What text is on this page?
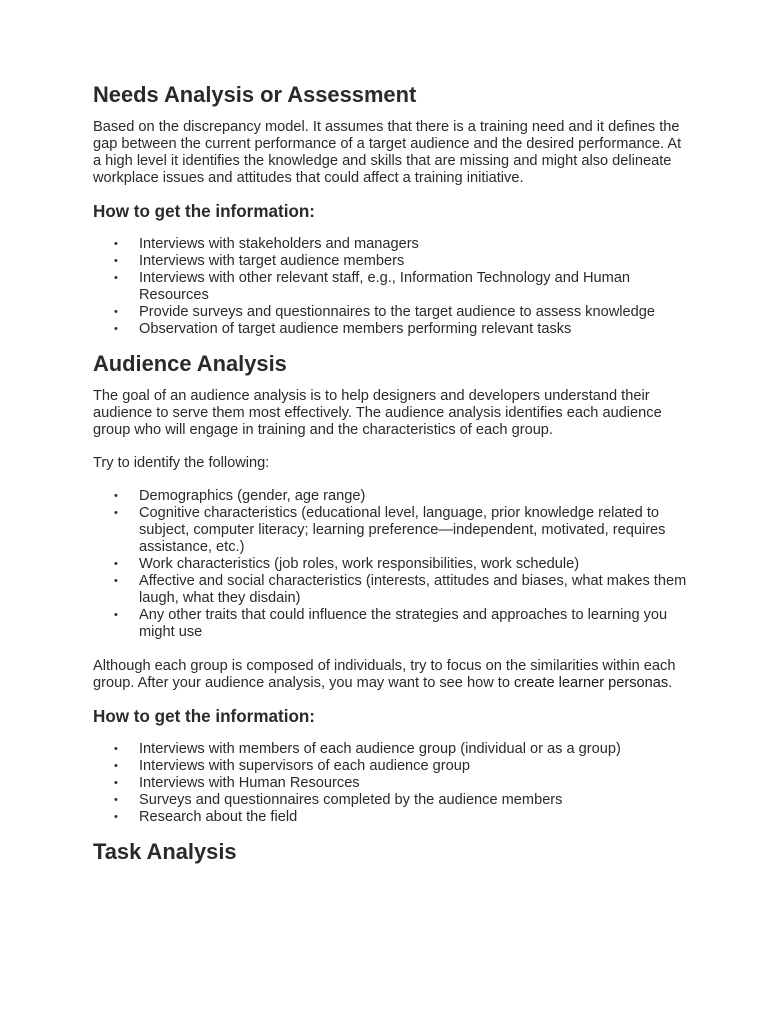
Needs Analysis or Assessment

Based on the discrepancy model. It assumes that there is a training need and it defines the gap between the current performance of a target audience and the desired performance. At a high level it identifies the knowledge and skills that are missing and might also delineate workplace issues and attitudes that could affect a training initiative.

How to get the information:
• Interviews with stakeholders and managers
• Interviews with target audience members
• Interviews with other relevant staff, e.g., Information Technology and Human Resources
• Provide surveys and questionnaires to the target audience to assess knowledge
• Observation of target audience members performing relevant tasks
Audience Analysis

The goal of an audience analysis is to help designers and developers understand their audience to serve them most effectively. The audience analysis identifies each audience group who will engage in training and the characteristics of each group.

Try to identify the following:

• Demographics (gender, age range)
• Cognitive characteristics (educational level, language, prior knowledge related to subject, computer literacy; learning preference—independent, motivated, requires assistance, etc.)
• Work characteristics (job roles, work responsibilities, work schedule)
• Affective and social characteristics (interests, attitudes and biases, what makes them laugh, what they disdain)
• Any other traits that could influence the strategies and approaches to learning you might use

Although each group is composed of individuals, try to focus on the similarities within each group. After your audience analysis, you may want to see how to create learner personas.

How to get the information:
• Interviews with members of each audience group (individual or as a group)
• Interviews with supervisors of each audience group
• Interviews with Human Resources
• Surveys and questionnaires completed by the audience members
• Research about the field
Task Analysis
